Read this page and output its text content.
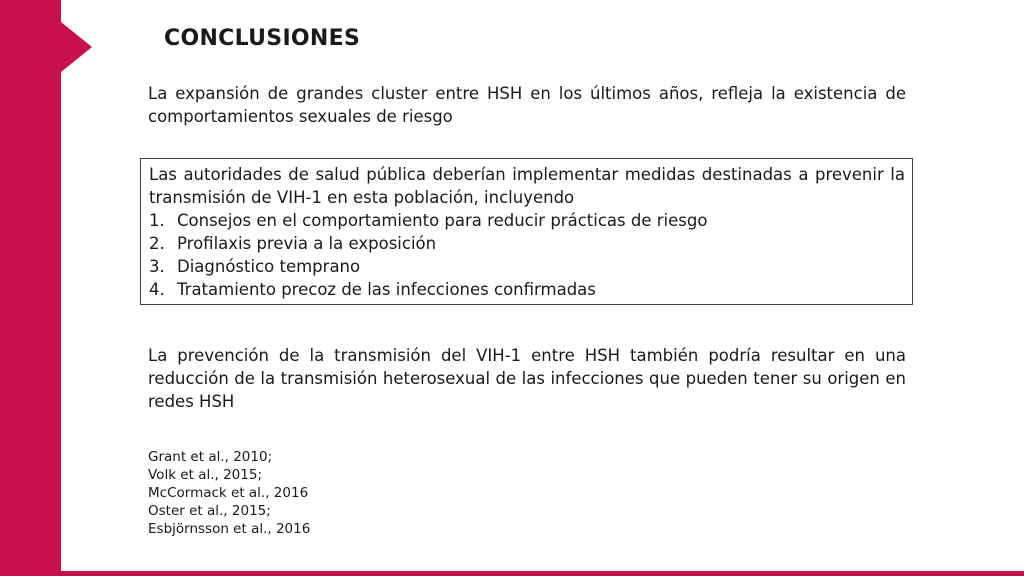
CONCLUSIONES
La expansión de grandes cluster entre HSH en los últimos años, refleja la existencia de comportamientos sexuales de riesgo

Las autoridades de salud pública deberían implementar medidas destinadas a prevenir la transmisión de VIH-1 en esta población, incluyendo

1. Consejos en el comportamiento para reducir prácticas de riesgo
2. Profilaxis previa a la exposición
3. Diagnóstico temprano
4. Tratamiento precoz de las infecciones confirmadas
La prevención de la transmisión del VIH-1 entre HSH también podría resultar en una reducción de la transmisión heterosexual de las infecciones que pueden tener su origen en redes HSH
Grant et al., 2010;
Volk et al., 2015;
McCormack et al., 2016
Oster et al., 2015;
Esbjörnsson et al., 2016
